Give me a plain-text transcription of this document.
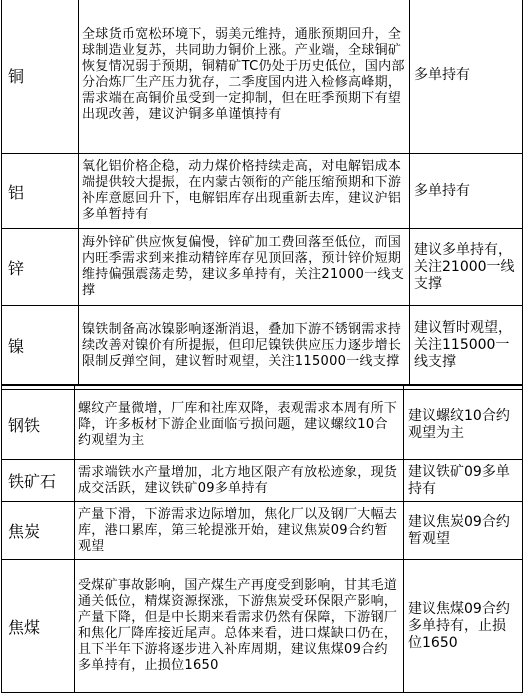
铜	全球货币宽松环境下，弱美元维持，通胀预期回升，全球制造业复苏，共同助力铜价上涨。产业端，全球铜矿恢复情况弱于预期，铜精矿TC仍处于历史低位，国内部分冶炼厂生产压力犹存，二季度国内进入检修高峰期，需求端在高铜价虽受到一定抑制，但在旺季预期下有望出现改善，建议沪铜多单谨慎持有	多单持有
铝	氧化铝价格企稳，动力煤价格持续走高，对电解铝成本端提供较大提振，在内蒙古领衔的产能压缩预期和下游补库意愿回升下，电解铝库存出现重新去库，建议沪铝多单暂持有	多单持有
锌	海外锌矿供应恢复偏慢，锌矿加工费回落至低位，而国内旺季需求到来推动精锌库存见顶回落，预计锌价短期维持偏强震荡走势，建议多单持有，关注21000一线支撑	建议多单持有，关注21000一线支撑
镍	镍铁制备高冰镍影响逐渐消退，叠加下游不锈钢需求持续改善对镍价有所提振，但印尼镍铁供应压力逐步增长限制反弹空间，建议暂时观望，关注115000一线支撑	建议暂时观望，关注115000一线支撑

钢铁	螺纹产量微增，厂库和社库双降，表观需求本周有所下降，许多板材下游企业面临亏损问题，建议螺纹10合约观望为主	建议螺纹10合约观望为主
铁矿石	需求端铁水产量增加，北方地区限产有放松迹象，现货成交活跃，建议铁矿09多单持有	建议铁矿09多单持有
焦炭	产量下滑，下游需求边际增加，焦化厂以及钢厂大幅去库，港口累库，第三轮提涨开始，建议焦炭09合约暂观望	建议焦炭09合约暂观望
焦煤	受煤矿事故影响，国产煤生产再度受到影响，甘其毛道通关低位，精煤资源探涨，下游焦炭受环保限产影响，产量下降，但是中长期来看需求仍然有保障，下游钢厂和焦化厂降库接近尾声。总体来看，进口煤缺口仍在，且下半年下游将逐步进入补库周期，建议焦煤09合约多单持有，止损位1650	建议焦煤09合约多单持有，止损位1650
